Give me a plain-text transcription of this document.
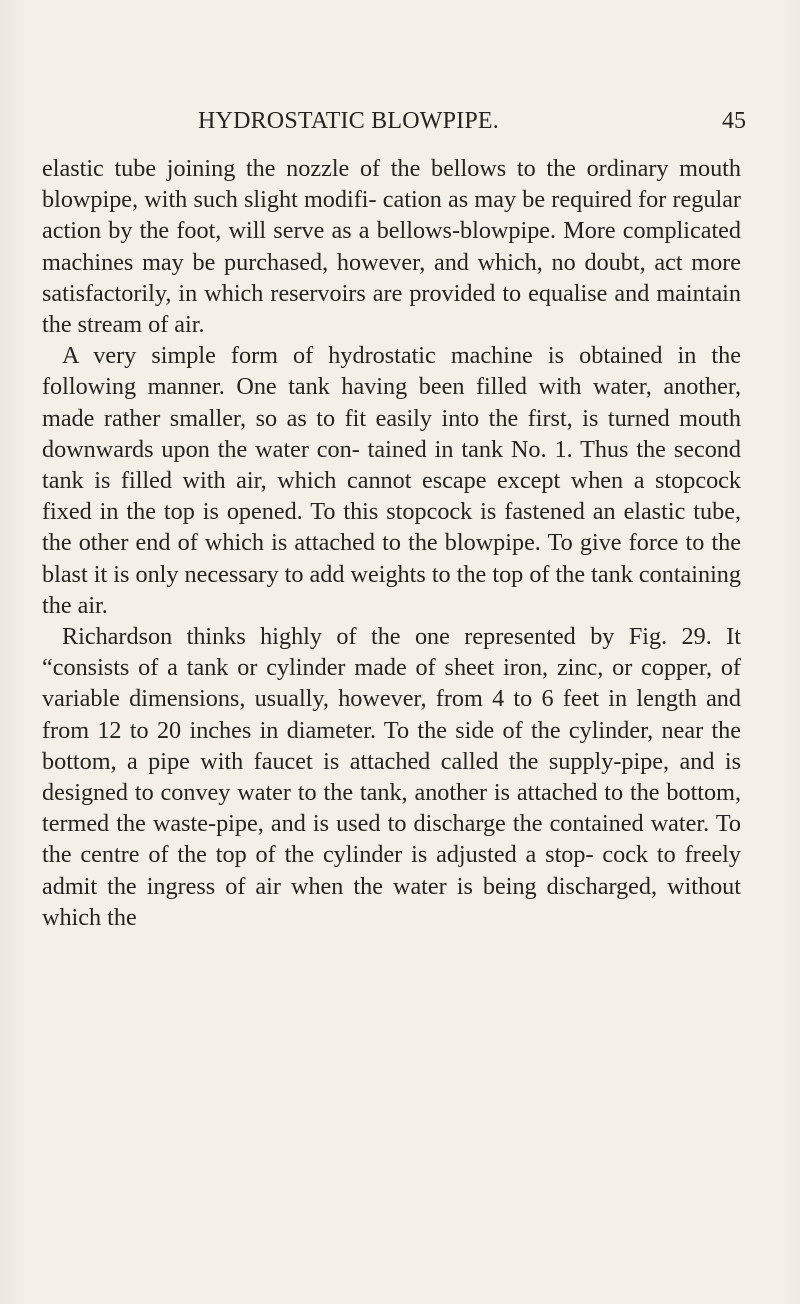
HYDROSTATIC BLOWPIPE.	45

elastic tube joining the nozzle of the bellows to the ordinary mouth blowpipe, with such slight modifi- cation as may be required for regular action by the foot, will serve as a bellows-blowpipe. More complicated machines may be purchased, however, and which, no doubt, act more satisfactorily, in which reservoirs are provided to equalise and maintain the stream of air.

A very simple form of hydrostatic machine is obtained in the following manner. One tank having been filled with water, another, made rather smaller, so as to fit easily into the first, is turned mouth downwards upon the water con- tained in tank No. 1. Thus the second tank is filled with air, which cannot escape except when a stopcock fixed in the top is opened. To this stopcock is fastened an elastic tube, the other end of which is attached to the blowpipe. To give force to the blast it is only necessary to add weights to the top of the tank containing the air.

Richardson thinks highly of the one represented by Fig. 29. It “consists of a tank or cylinder made of sheet iron, zinc, or copper, of variable dimensions, usually, however, from 4 to 6 feet in length and from 12 to 20 inches in diameter. To the side of the cylinder, near the bottom, a pipe with faucet is attached called the supply-pipe, and is designed to convey water to the tank, another is attached to the bottom, termed the waste-pipe, and is used to discharge the contained water. To the centre of the top of the cylinder is adjusted a stop- cock to freely admit the ingress of air when the water is being discharged, without which the
